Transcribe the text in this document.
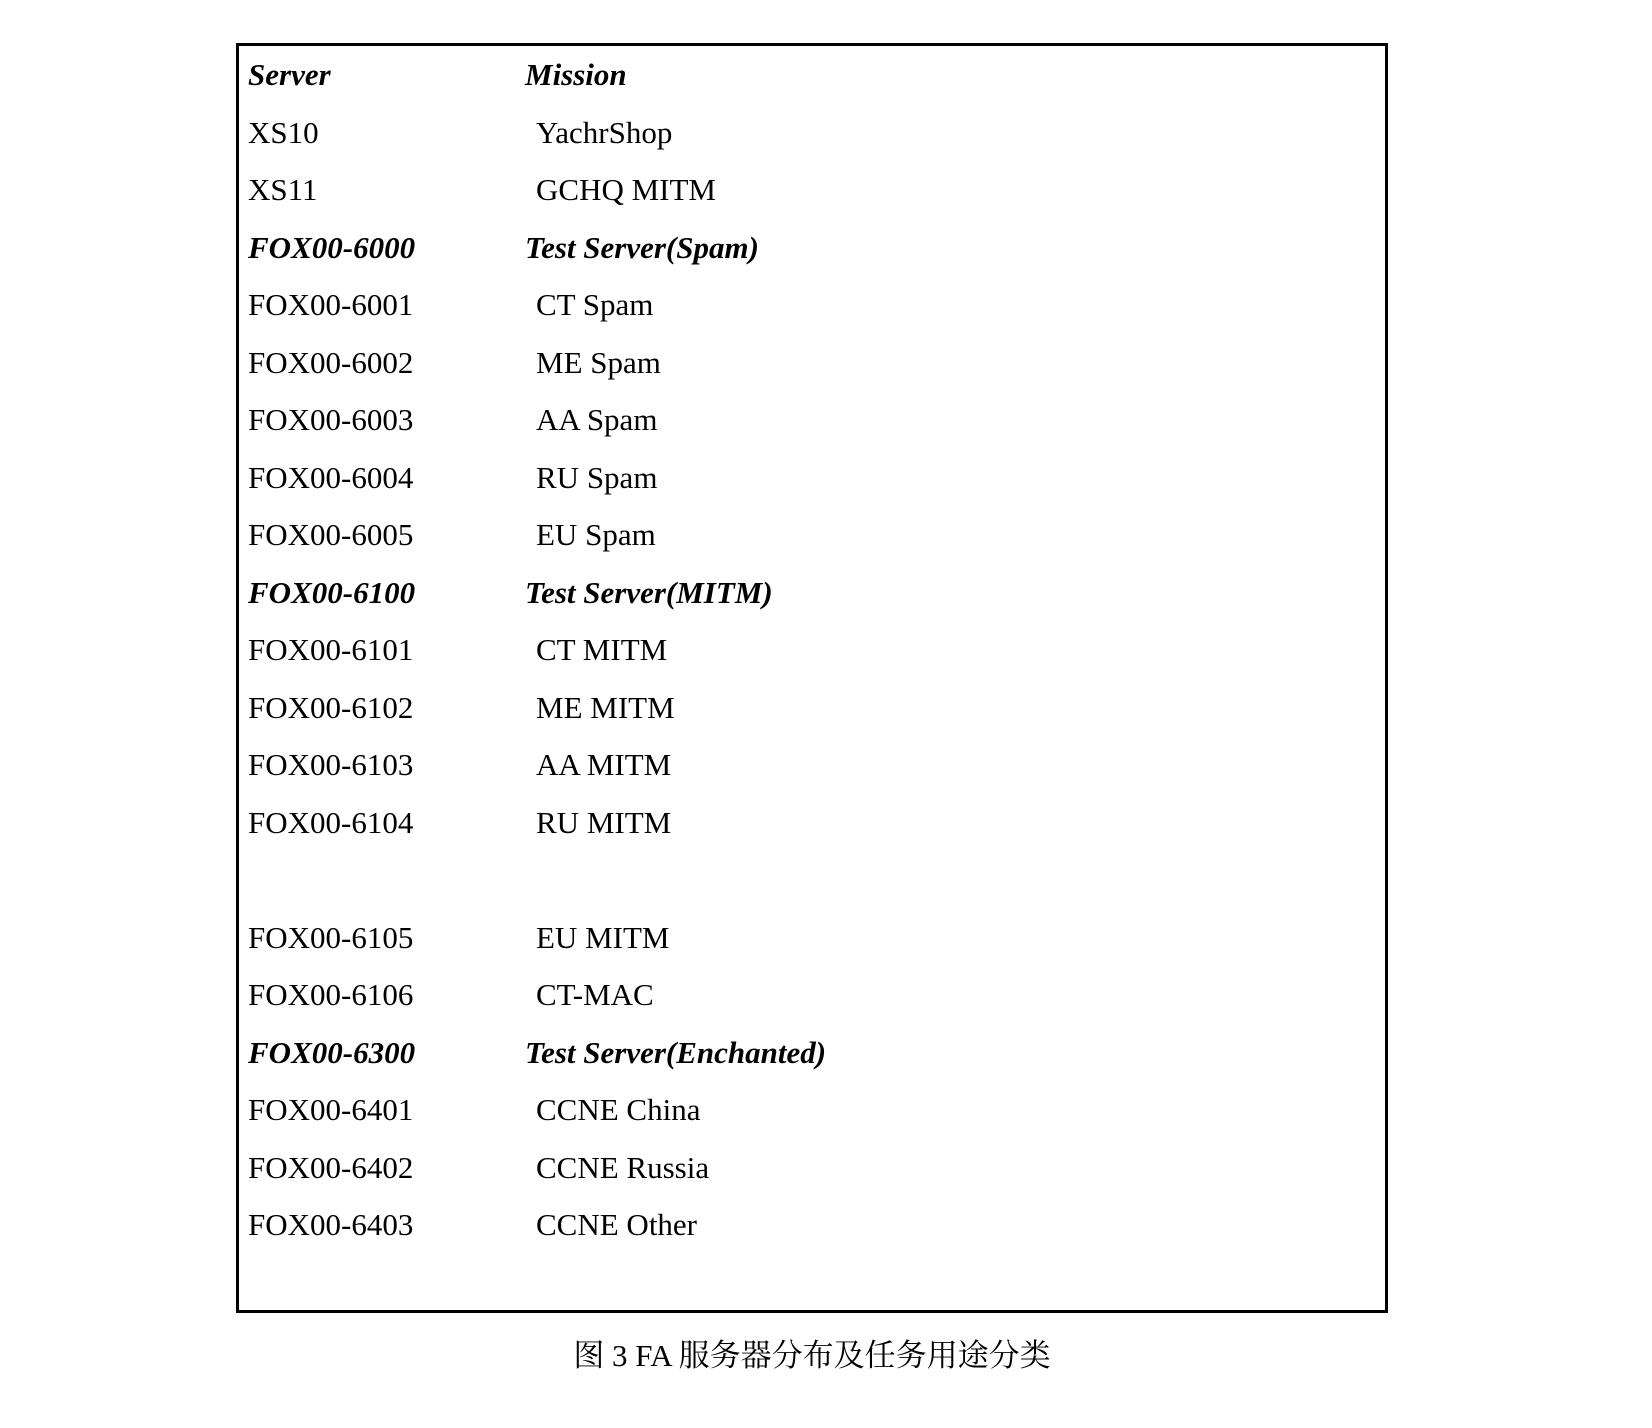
Server	Mission
XS10	YachrShop
XS11	GCHQ MITM
FOX00-6000	Test Server(Spam)
FOX00-6001	CT Spam
FOX00-6002	ME Spam
FOX00-6003	AA Spam
FOX00-6004	RU Spam
FOX00-6005	EU Spam
FOX00-6100	Test Server(MITM)
FOX00-6101	CT MITM
FOX00-6102	ME MITM
FOX00-6103	AA MITM
FOX00-6104	RU MITM
FOX00-6105	EU MITM
FOX00-6106	CT-MAC
FOX00-6300	Test Server(Enchanted)
FOX00-6401	CCNE China
FOX00-6402	CCNE Russia
FOX00-6403	CCNE Other
图 3 FA 服务器分布及任务用途分类
